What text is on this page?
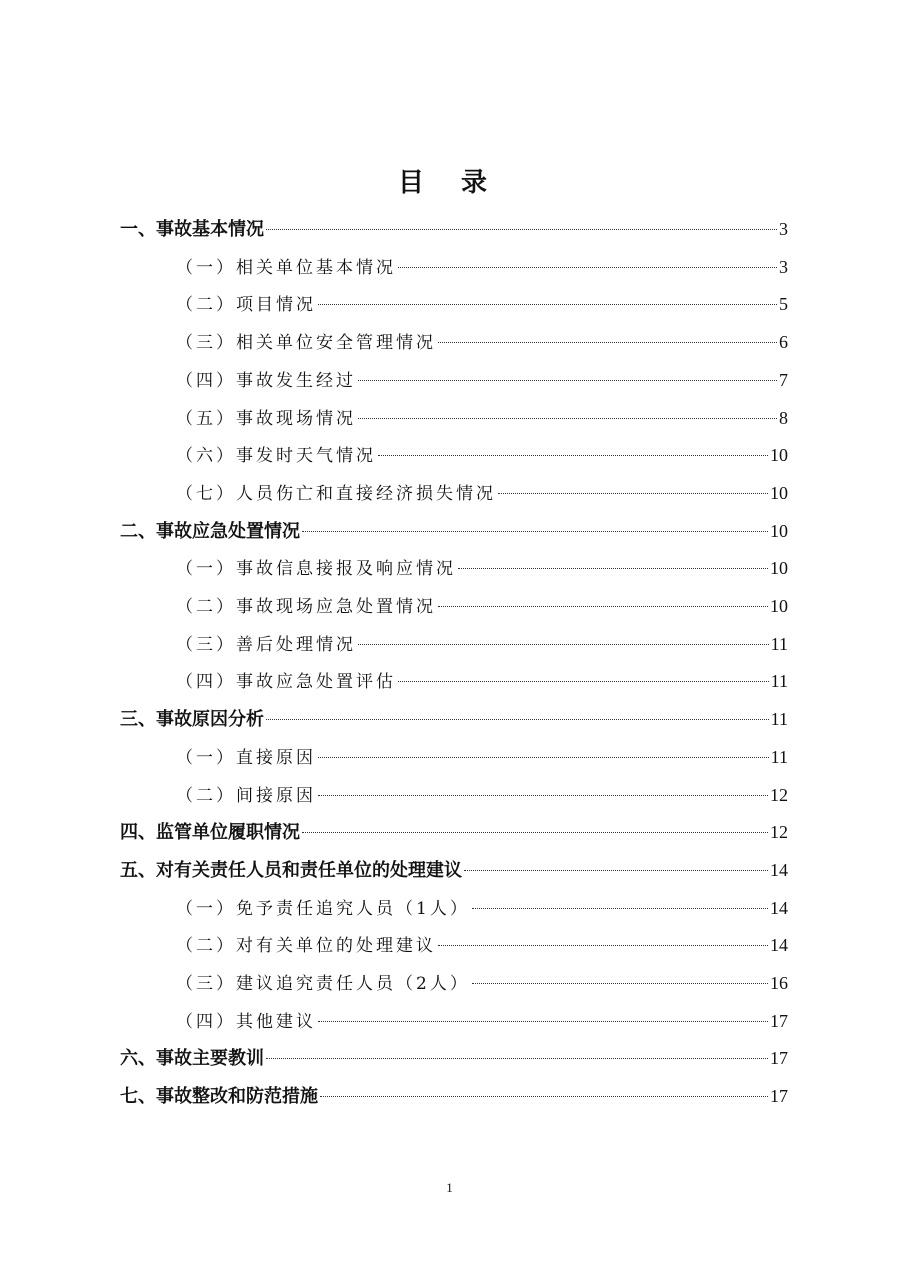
目 录
一、事故基本情况	3
（一）相关单位基本情况	3
（二）项目情况	5
（三）相关单位安全管理情况	6
（四）事故发生经过	7
（五）事故现场情况	8
（六）事发时天气情况	10
（七）人员伤亡和直接经济损失情况	10
二、事故应急处置情况	10
（一）事故信息接报及响应情况	10
（二）事故现场应急处置情况	10
（三）善后处理情况	11
（四）事故应急处置评估	11
三、事故原因分析	11
（一）直接原因	11
（二）间接原因	12
四、监管单位履职情况	12
五、对有关责任人员和责任单位的处理建议	14
（一）免予责任追究人员（1人）	14
（二）对有关单位的处理建议	14
（三）建议追究责任人员（2人）	16
（四）其他建议	17
六、事故主要教训	17
七、事故整改和防范措施	17
1
